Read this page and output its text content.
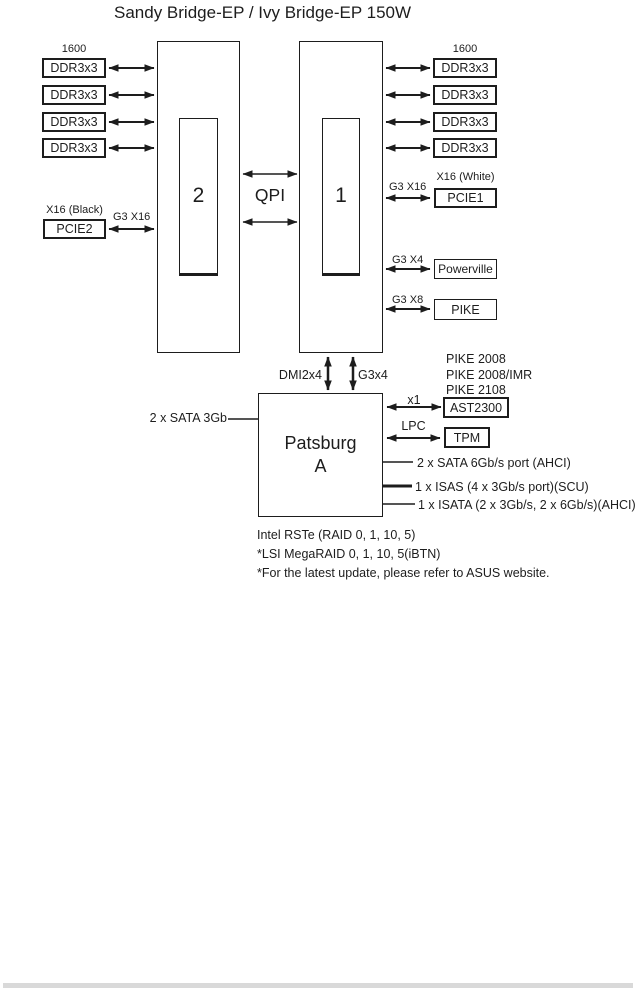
Sandy Bridge-EP / Ivy Bridge-EP 150W
2	1
QPI
1600
DDR3x3
DDR3x3
DDR3x3
DDR3x3
1600
DDR3x3
DDR3x3
DDR3x3
DDR3x3
X16 (Black)
PCIE2
G3 X16
X16 (White)
PCIE1
G3 X16
G3 X4
Powerville
G3 X8
PIKE
DMI2x4	G3x4
Patsburg
A
2 x SATA 3Gb
PIKE 2008
PIKE 2008/IMR
PIKE 2108
x1
AST2300
LPC
TPM
2 x SATA 6Gb/s port (AHCI)
1 x ISAS (4 x 3Gb/s port)(SCU)
1 x ISATA (2 x 3Gb/s, 2 x 6Gb/s)(AHCI)
Intel RSTe (RAID 0, 1, 10, 5)
*LSI MegaRAID 0, 1, 10, 5(iBTN)
*For the latest update, please refer to ASUS website.
